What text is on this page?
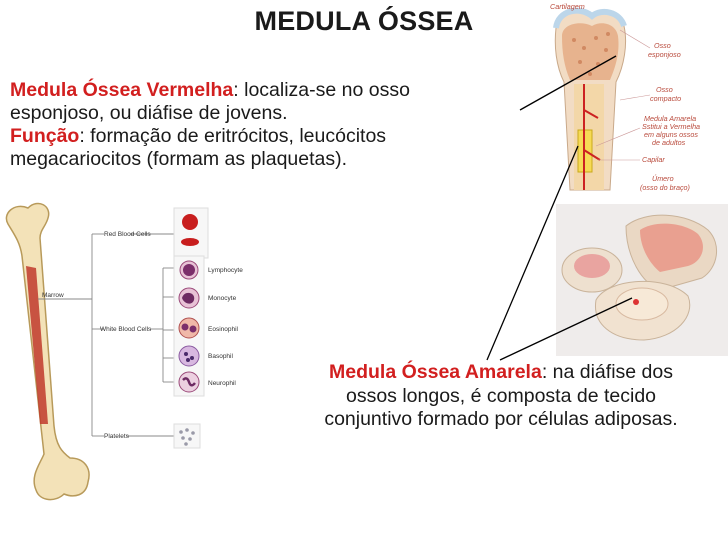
MEDULA ÓSSEA
Medula Óssea Vermelha: localiza-se no osso
esponjoso, ou diáfise de jovens.
Função: formação de eritrócitos, leucócitos
megacariocitos (formam as plaquetas).
Marrow
Red Blood Cells
White Blood Cells
Platelets
Lymphocyte
Monocyte
Eosinophil
Basophil
Neurophil
Cartilagem
Osso
esponjoso
Osso
compacto
Medula Amarela
Sstitui a Vermelha
em alguns ossos
de adultos
Capilar
Úmero
(osso do braço)
Medula Óssea Amarela: na diáfise dos
ossos longos, é composta de tecido
conjuntivo formado por células adiposas.
